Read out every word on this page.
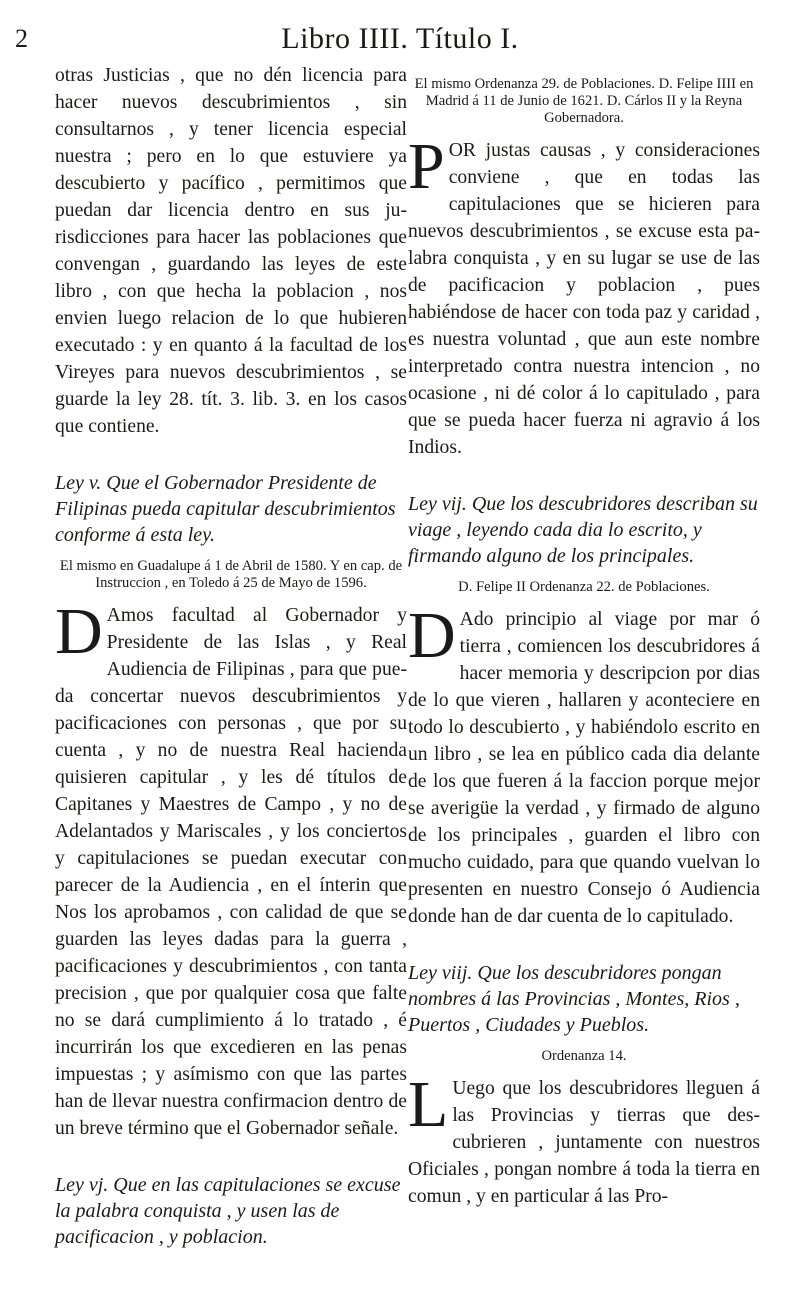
2	Libro IIII. Título I.

otras Justicias , que no dén licencia para hacer nuevos descubrimientos , sin consultarnos , y tener licencia especial nuestra ; pero en lo que estuviere ya descubierto y pacífico , permitimos que puedan dar licencia dentro en sus jurisdicciones para hacer las poblaciones que convengan , guardando las leyes de este libro , con que hecha la poblacion , nos envien luego relacion de lo que hubieren executado : y en quanto á la facultad de los Vireyes para nuevos descubrimientos , se guarde la ley 28. tít. 3. lib. 3. en los casos que contiene.

Ley v. Que el Gobernador Presidente de Filipinas pueda capitular descubrimientos conforme á esta ley.
El mismo en Guadalupe á 1 de Abril de 1580. Y en cap. de Instruccion , en Toledo á 25 de Mayo de 1596.

D Amos facultad al Gobernador y Presidente de las Islas , y Real Audiencia de Filipinas , para que pueda concertar nuevos descubrimientos y pacificaciones con personas , que por su cuenta , y no de nuestra Real hacienda quisieren capitular , y les dé títulos de Capitanes y Maestres de Campo , y no de Adelantados y Mariscales , y los conciertos y capitulaciones se puedan executar con parecer de la Audiencia , en el ínterin que Nos los aprobamos , con calidad de que se guarden las leyes dadas para la guerra , pacificaciones y descubrimientos , con tanta precision , que por qualquier cosa que falte no se dará cumplimiento á lo tratado , é incurrirán los que excedieren en las penas impuestas ; y asímismo con que las partes han de llevar nuestra confirmacion dentro de un breve término que el Gobernador señale.

Ley vj. Que en las capitulaciones se excuse la palabra conquista , y usen las de pacificacion , y poblacion.
El mismo Ordenanza 29. de Poblaciones. D. Felipe IIII en Madrid á 11 de Junio de 1621. D. Cárlos II y la Reyna Gobernadora.

POR justas causas , y consideraciones conviene , que en todas las capitulaciones que se hicieren para nuevos descubrimientos , se excuse esta palabra conquista , y en su lugar se use de las de pacificacion y poblacion , pues habiéndose de hacer con toda paz y caridad , es nuestra voluntad , que aun este nombre interpretado contra nuestra intencion , no ocasione , ni dé color á lo capitulado , para que se pueda hacer fuerza ni agravio á los Indios.

Ley vij. Que los descubridores describan su viage , leyendo cada dia lo escrito, y firmando alguno de los principales.
D. Felipe II Ordenanza 22. de Poblaciones.

D Ado principio al viage por mar ó tierra , comiencen los descubridores á hacer memoria y descripcion por dias de lo que vieren , hallaren y aconteciere en todo lo descubierto , y habiéndolo escrito en un libro , se lea en público cada dia delante de los que fueren á la faccion porque mejor se averigüe la verdad , y firmado de alguno de los principales , guarden el libro con mucho cuidado, para que quando vuelvan lo presenten en nuestro Consejo ó Audiencia donde han de dar cuenta de lo capitulado.

Ley viij. Que los descubridores pongan nombres á las Provincias , Montes, Rios , Puertos , Ciudades y Pueblos.
Ordenanza 14.

L Uego que los descubridores lleguen á las Provincias y tierras que descubrieren , juntamente con nuestros Oficiales , pongan nombre á toda la tierra en comun , y en particular á las Pro-
